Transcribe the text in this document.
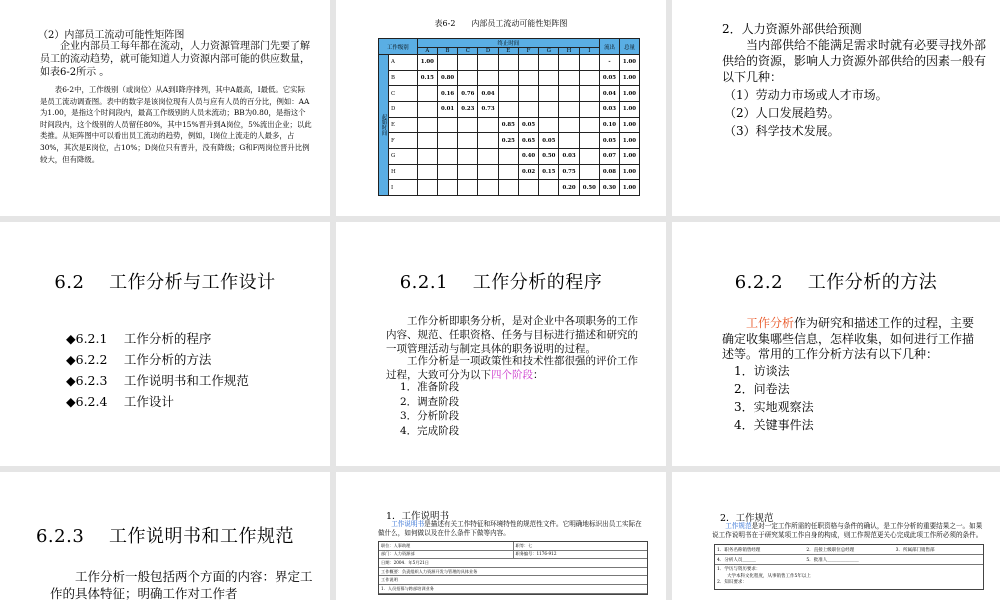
（2）内部员工流动可能性矩阵图
企业内部员工每年都在流动，人力资源管理部门先要了解员工的流动趋势，就可能知道人力资源内部可能的供应数量，如表6-2所示 。
表6-2中，工作级别（或岗位）从A到I降序排列，其中A最高，I最低。它实际是员工流动调查图。表中的数字是该岗位现有人员与应有人员的百分比，例如：AA为1.00，是指这个时间段内，最高工作级别的人员未流动；BB为0.80，是指这个时间段内，这个级别的人员留任80%，其中15%晋升到A岗位，5%流出企业；以此类推。从矩阵图中可以看出员工流动的趋势，例如，I岗位上流走的人最多，占30%，其次是E岗位，占10%；D岗位只有晋升，没有降级；G和F两岗位晋升比例较大，但有降级。
表6-2　　内部员工流动可能性矩阵图
工作级别		终止时间									流出	总量
		A	B	C	D	E	F	G	H	I		
起始时间	A	1.00									-	1.00
	B	0.15	0.80								0.05	1.00
	C		0.16	0.76	0.04						0.04	1.00
	D		0.01	0.23	0.73						0.03	1.00
	E					0.85	0.05				0.10	1.00
	F					0.25	0.65	0.05			0.05	1.00
	G						0.40	0.50	0.03		0.07	1.00
	H						0.02	0.15	0.75		0.08	1.00
	I								0.20	0.50	0.30	1.00
2．人力资源外部供给预测
当内部供给不能满足需求时就有必要寻找外部供给的资源，影响人力资源外部供给的因素一般有以下几种：
（1）劳动力市场或人才市场。
（2）人口发展趋势。
（3）科学技术发展。
6.2　 工作分析与工作设计
◆6.2.1　 工作分析的程序
◆6.2.2　 工作分析的方法
◆6.2.3　 工作说明书和工作规范
◆6.2.4　 工作设计
6.2.1　 工作分析的程序
工作分析即职务分析，是对企业中各项职务的工作内容、规范、任职资格、任务与目标进行描述和研究的一项管理活动与制定具体的职务说明的过程。
工作分析是一项政策性和技术性都很强的评价工作过程，大致可分为以下四个阶段：
1．准备阶段
2．调查阶段
3．分析阶段
4．完成阶段
6.2.2　 工作分析的方法
工作分析作为研究和描述工作的过程，主要确定收集哪些信息，怎样收集，如何进行工作描述等。常用的工作分析方法有以下几种：
1．访谈法
2．问卷法
3．实地观察法
4．关键事件法
6.2.3　 工作说明书和工作规范
工作分析一般包括两个方面的内容：界定工作的具体特征；明确工作对工作者
1．工作说明书
工作说明书是描述有关工作特征和环境特性的规范性文件。它明确地标识出员工实际在做什么，如何做以及在什么条件下做等内容。
职位：人事助理	职等：七
部门：人力资源部	职务编号：1176-912
日期：2004．年5月21日
工作概要：负责组织人力资源开发与管理的具体业务
工作说明
1．人员招募与跨部培训业务
2．工作规范
工作规范是对一定工作所需的任职资格与条件的确认，是工作分析的重要结果之一。如果说工作说明书在于研究某项工作自身的构成，则工作规范更关心完成此项工作所必须的条件。
1．职务名称销售经理	2．直接上级职位总经理	3．所属部门销售部
4．分析人员＿＿＿	5．批准人＿＿＿＿＿＿＿
1．学历与资历要求：
大学本科文化程度，从事销售工作5年以上
2．知识要求：
